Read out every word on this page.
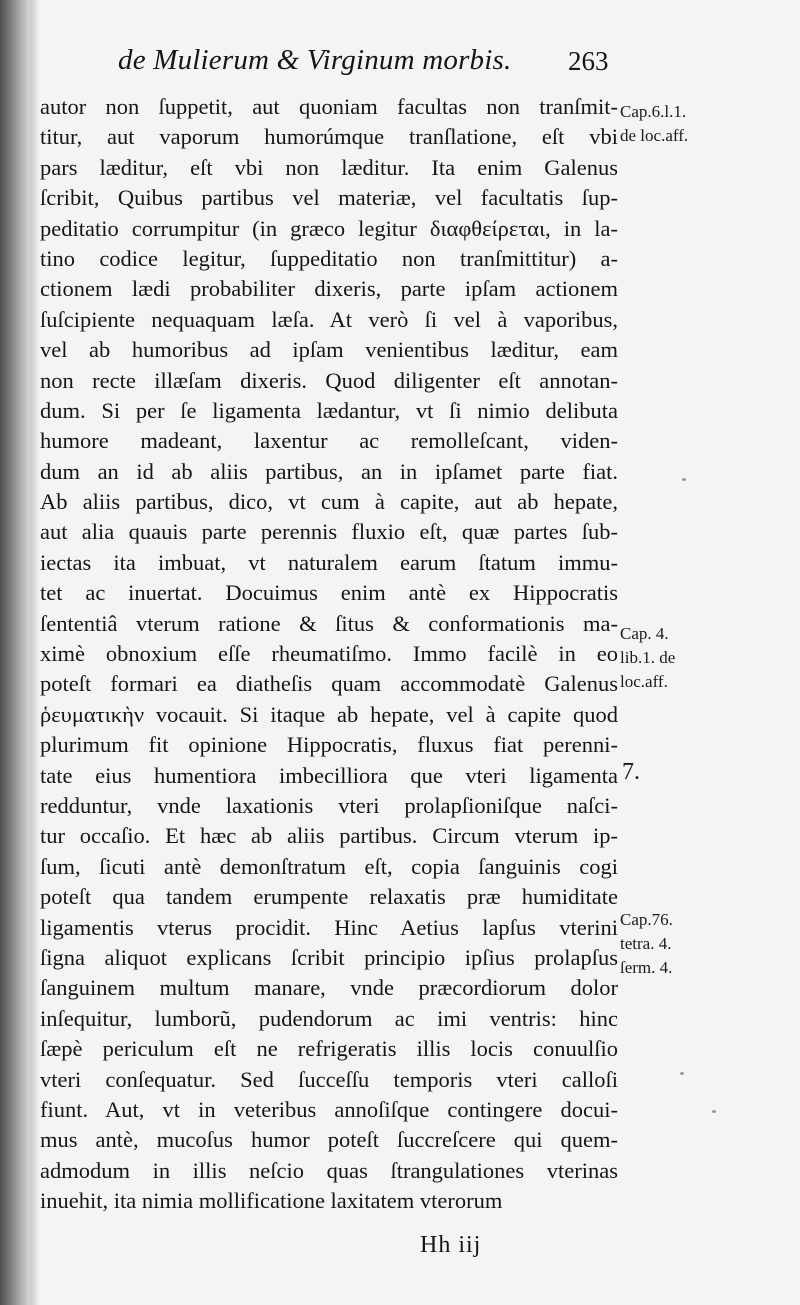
de Mulierum & Virginum morbis. 263
autor non ſuppetit, aut quoniam facultas non tranſmit-
titur, aut vaporum humorúmque tranſlatione, eſt vbi
pars læditur, eſt vbi non læditur. Ita enim Galenus
ſcribit, Quibus partibus vel materiæ, vel facultatis ſup-
peditatio corrumpitur (in græco legitur διαφθείρεται, in la-
tino codice legitur, ſuppeditatio non tranſmittitur) a-
ctionem lædi probabiliter dixeris, parte ipſam actionem
ſuſcipiente nequaquam læſa. At verò ſi vel à vaporibus,
vel ab humoribus ad ipſam venientibus læditur, eam
non recte illæſam dixeris. Quod diligenter eſt annotan-
dum. Si per ſe ligamenta lædantur, vt ſi nimio delibuta
humore madeant, laxentur ac remolleſcant, viden-
dum an id ab aliis partibus, an in ipſamet parte fiat.
Ab aliis partibus, dico, vt cum à capite, aut ab hepate,
aut alia quauis parte perennis fluxio eſt, quæ partes ſub-
iectas ita imbuat, vt naturalem earum ſtatum immu-
tet ac inuertat. Docuimus enim antè ex Hippocratis
ſententiâ vterum ratione & ſitus & conformationis ma-
ximè obnoxium eſſe rheumatiſmo. Immo facilè in eo
poteſt formari ea diatheſis quam accommodatè Galenus
ῥευματικὴν vocauit. Si itaque ab hepate, vel à capite quod
plurimum fit opinione Hippocratis, fluxus fiat perenni-
tate eius humentiora imbecilliora que vteri ligamenta
redduntur, vnde laxationis vteri prolapſioniſque naſci-
tur occaſio. Et hæc ab aliis partibus. Circum vterum ip-
ſum, ſicuti antè demonſtratum eſt, copia ſanguinis cogi
poteſt qua tandem erumpente relaxatis præ humiditate
ligamentis vterus procidit. Hinc Aetius lapſus vterini
ſigna aliquot explicans ſcribit principio ipſius prolapſus
ſanguinem multum manare, vnde præcordiorum dolor
inſequitur, lumborũ, pudendorum ac imi ventris: hinc
ſæpè periculum eſt ne refrigeratis illis locis conuulſio
vteri conſequatur. Sed ſucceſſu temporis vteri calloſi
fiunt. Aut, vt in veteribus annoſiſque contingere docui-
mus antè, mucoſus humor poteſt ſuccreſcere qui quem-
admodum in illis neſcio quas ſtrangulationes vterinas
inuehit, ita nimia mollificatione laxitatem vterorum
Cap.6.l.1.
de loc.aff.
Cap. 4.
lib.1. de
loc.aff.
7.
Cap.76.
tetra. 4.
ſerm. 4.
Hh iij
